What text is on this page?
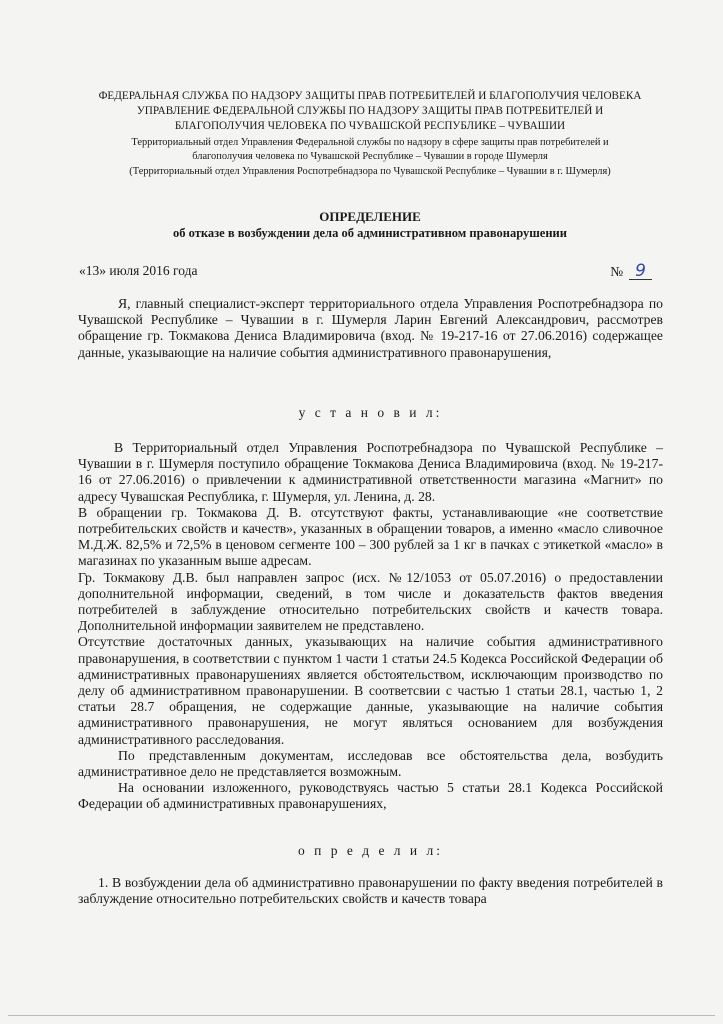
ФЕДЕРАЛЬНАЯ СЛУЖБА ПО НАДЗОРУ ЗАЩИТЫ ПРАВ ПОТРЕБИТЕЛЕЙ И БЛАГОПОЛУЧИЯ ЧЕЛОВЕКА
УПРАВЛЕНИЕ ФЕДЕРАЛЬНОЙ СЛУЖБЫ ПО НАДЗОРУ ЗАЩИТЫ ПРАВ ПОТРЕБИТЕЛЕЙ И
БЛАГОПОЛУЧИЯ ЧЕЛОВЕКА ПО ЧУВАШСКОЙ РЕСПУБЛИКЕ – ЧУВАШИИ
Территориальный отдел Управления Федеральной службы по надзору в сфере защиты прав потребителей и
благополучия человека по Чувашской Республике – Чувашии в городе Шумерля
(Территориальный отдел Управления Роспотребнадзора по Чувашской Республике – Чувашии в г. Шумерля)
ОПРЕДЕЛЕНИЕ
об отказе в возбуждении дела об административном правонарушении
«13» июля 2016 года	№ 9

Я, главный специалист-эксперт территориального отдела Управления Роспотребнадзора по Чувашской Республике – Чувашии в г. Шумерля Ларин Евгений Александрович, рассмотрев обращение гр. Токмакова Дениса Владимировича (вход. № 19-217-16 от 27.06.2016) содержащее данные, указывающие на наличие события административного правонарушения,

у с т а н о в и л:

В Территориальный отдел Управления Роспотребнадзора по Чувашской Республике – Чувашии в г. Шумерля поступило обращение Токмакова Дениса Владимировича (вход. № 19-217-16 от 27.06.2016) о привлечении к административной ответственности магазина «Магнит» по адресу Чувашская Республика, г. Шумерля, ул. Ленина, д. 28.

В обращении гр. Токмакова Д. В. отсутствуют факты, устанавливающие «не соответствие потребительских свойств и качеств», указанных в обращении товаров, а именно «масло сливочное М.Д.Ж. 82,5% и 72,5% в ценовом сегменте 100 – 300 рублей за 1 кг в пачках с этикеткой «масло» в магазинах по указанным выше адресам.

Гр. Токмакову Д.В. был направлен запрос (исх. №12/1053 от 05.07.2016) о предоставлении дополнительной информации, сведений, в том числе и доказательств фактов введения потребителей в заблуждение относительно потребительских свойств и качеств товара. Дополнительной информации заявителем не представлено.

Отсутствие достаточных данных, указывающих на наличие события административного правонарушения, в соответствии с пунктом 1 части 1 статьи 24.5 Кодекса Российской Федерации об административных правонарушениях является обстоятельством, исключающим производство по делу об административном правонарушении. В соответсвии с частью 1 статьи 28.1, частью 1, 2 статьи 28.7 обращения, не содержащие данные, указывающие на наличие события административного правонарушения, не могут являться основанием для возбуждения административного расследования.

По представленным документам, исследовав все обстоятельства дела, возбудить административное дело не представляется возможным.

На основании изложенного, руководствуясь частью 5 статьи 28.1 Кодекса Российской Федерации об административных правонарушениях,

о п р е д е л и л:

1. В возбуждении дела об административно правонарушении по факту введения потребителей в заблуждение относительно потребительских свойств и качеств товара
